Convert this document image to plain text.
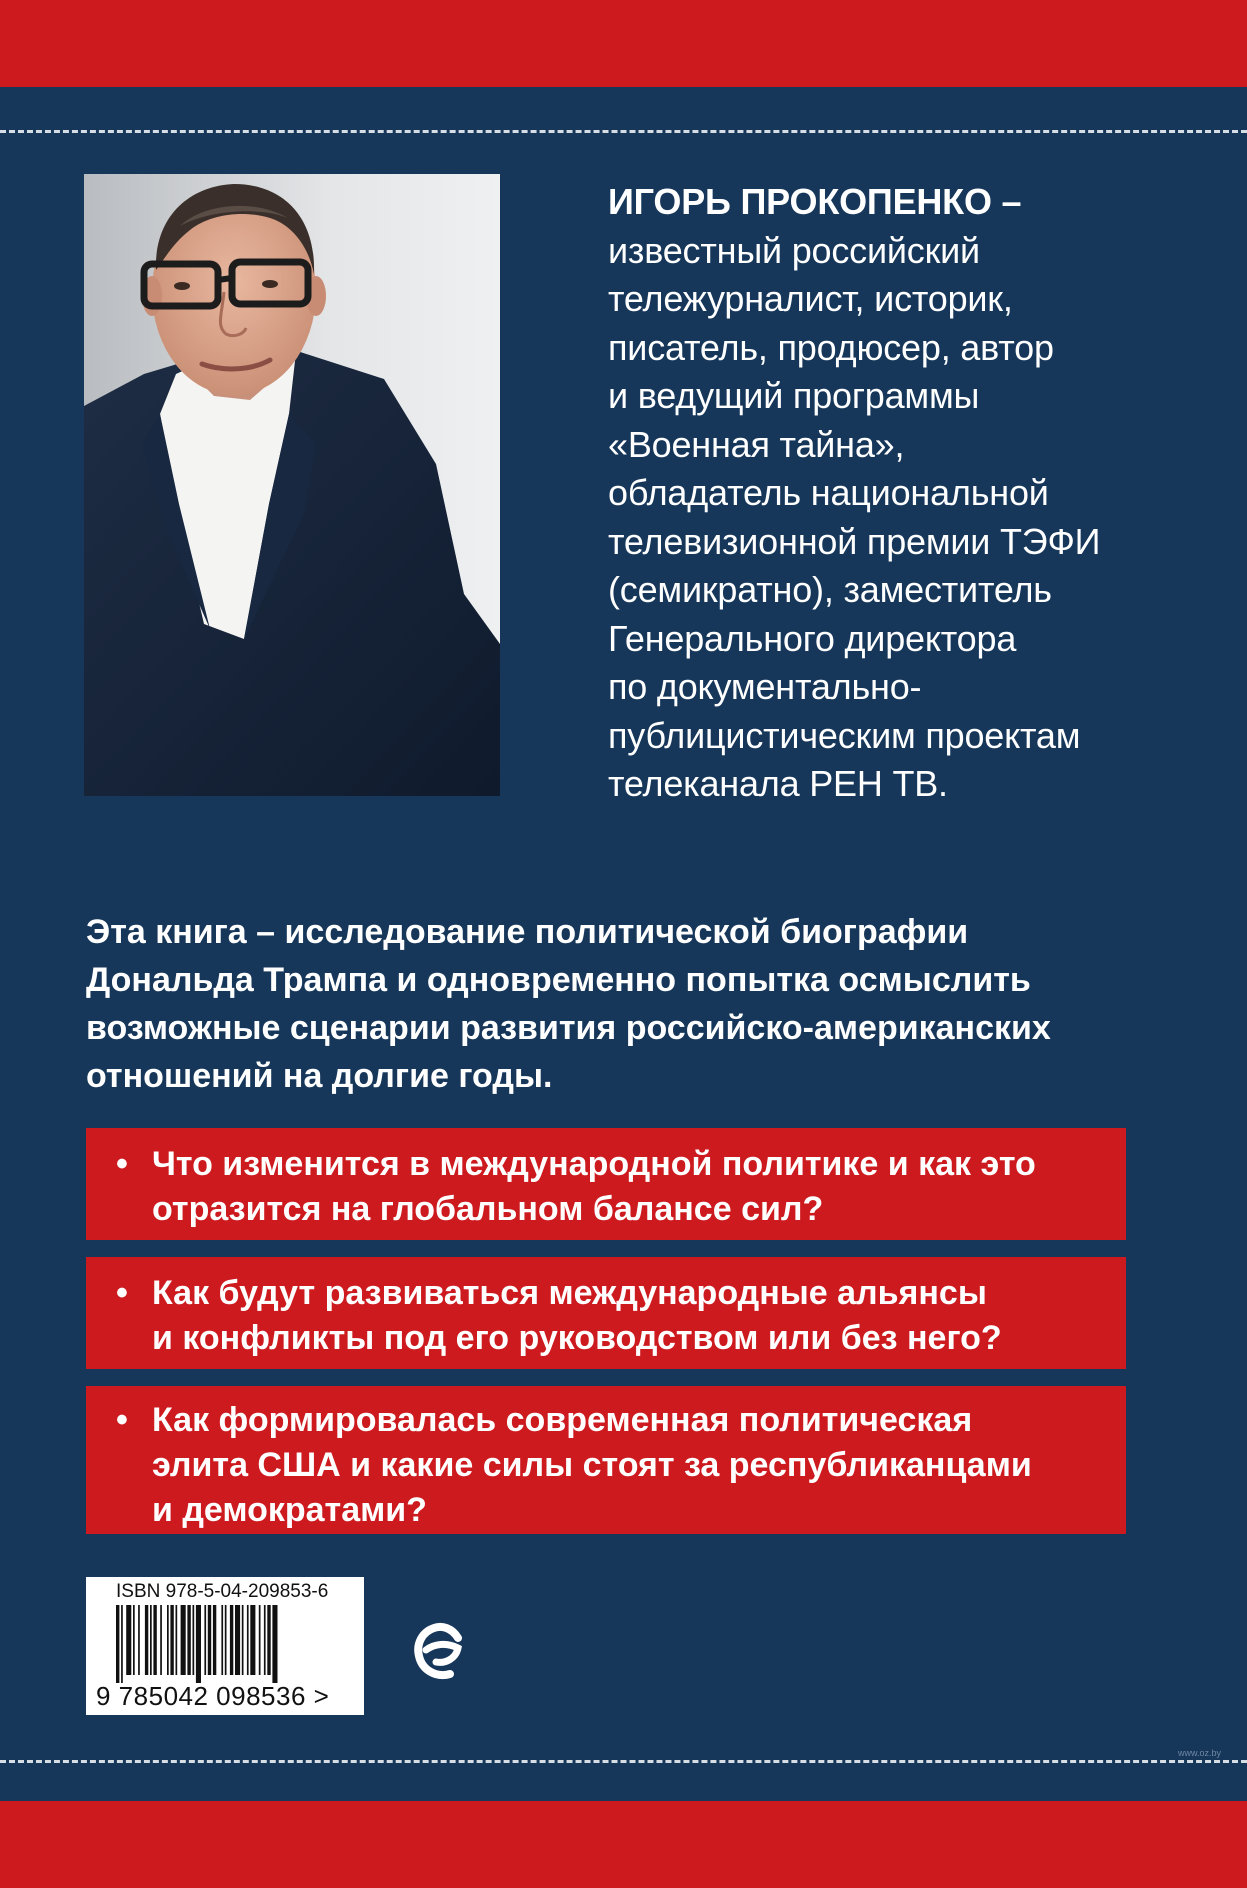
ИГОРЬ ПРОКОПЕНКО –
известный российский
тележурналист, историк,
писатель, продюсер, автор
и ведущий программы
«Военная тайна»,
обладатель национальной
телевизионной премии ТЭФИ
(семикратно), заместитель
Генерального директора
по документально-
публицистическим проектам
телеканала РЕН ТВ.
Эта книга – исследование политической биографии
Дональда Трампа и одновременно попытка осмыслить
возможные сценарии развития российско-американских
отношений на долгие годы.
• Что изменится в международной политике и как это
отразится на глобальном балансе сил?
• Как будут развиваться международные альянсы
и конфликты под его руководством или без него?
• Как формировалась современная политическая
элита США и какие силы стоят за республиканцами
и демократами?
ISBN 978-5-04-209853-6
9 785042 098536 >
www.oz.by
